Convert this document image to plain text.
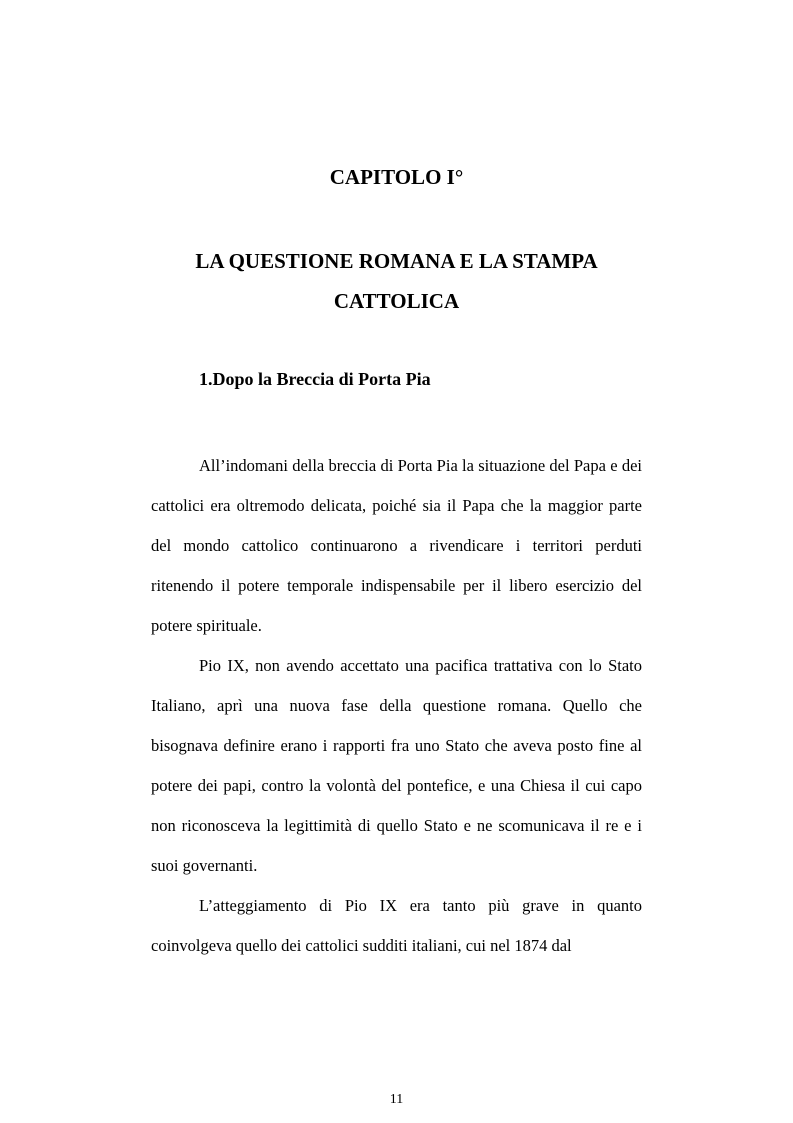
CAPITOLO I°
LA QUESTIONE ROMANA E LA STAMPA CATTOLICA
1.Dopo la Breccia di Porta Pia

All’indomani della breccia di Porta Pia la situazione del Papa e dei cattolici era oltremodo delicata, poiché sia il Papa che la maggior parte del mondo cattolico continuarono a rivendicare i territori perduti ritenendo il potere temporale indispensabile per il libero esercizio del potere spirituale.

Pio IX, non avendo accettato una pacifica trattativa con lo Stato Italiano, aprì una nuova fase della questione romana. Quello che bisognava definire erano i rapporti fra uno Stato che aveva posto fine al potere dei papi, contro la volontà del pontefice, e una Chiesa il cui capo non riconosceva la legittimità di quello Stato e ne scomunicava il re e i suoi governanti.

L’atteggiamento di Pio IX era tanto più grave in quanto coinvolgeva quello dei cattolici sudditi italiani, cui nel 1874 dal

11
